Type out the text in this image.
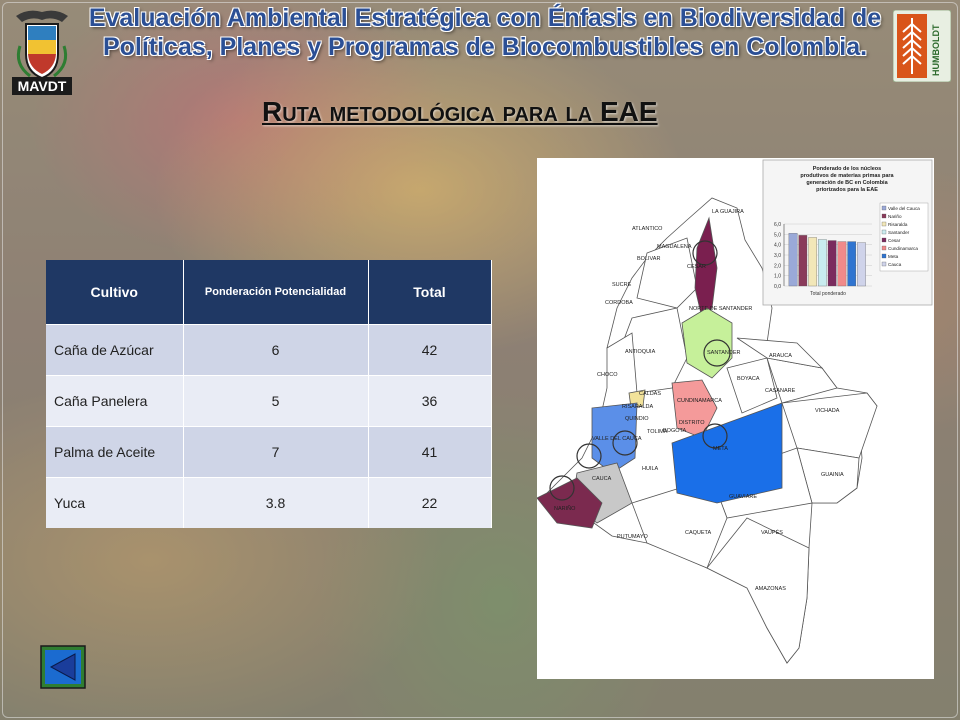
MAVDT
HUMBOLDT
Evaluación Ambiental Estratégica con Énfasis en Biodiversidad de Políticas, Planes y Programas de Biocombustibles en Colombia.
Ruta metodológica para la EAE
Cultivo	Ponderación Potencialidad	Total
Caña de Azúcar	6	42
Caña Panelera	5	36
Palma de Aceite	7	41
Yuca	3.8	22
LA GUAJIRA
ATLANTICO
MAGDALENA
BOLIVAR
CESAR
SUCRE
CORDOBA
NORTE DE SANTANDER
ANTIOQUIA	SANTANDER	ARAUCA
BOYACA
CHOCO
CASANARE
CALDAS
CUNDINAMARCA
RISARALDA
QUINDIO
DISTRITO
BOGOTA
TOLIMA
VICHADA
VALLE DEL CAUCA
META
HUILA
CAUCA
GUAINIA
NARIÑO
GUAVIARE
PUTUMAYO
CAQUETA	VAUPÉS
AMAZONAS
Ponderado de los núcleos produtivos de materias primas para generación de BC en Colombia priorizados para la EAE
0,0
1,0
2,0
3,0
4,0
5,0
6,0
Total ponderado
Valle del Cauca
Nariño
Risaralda
Santander
Cesar
Cundinamarca
Meta
Cauca
